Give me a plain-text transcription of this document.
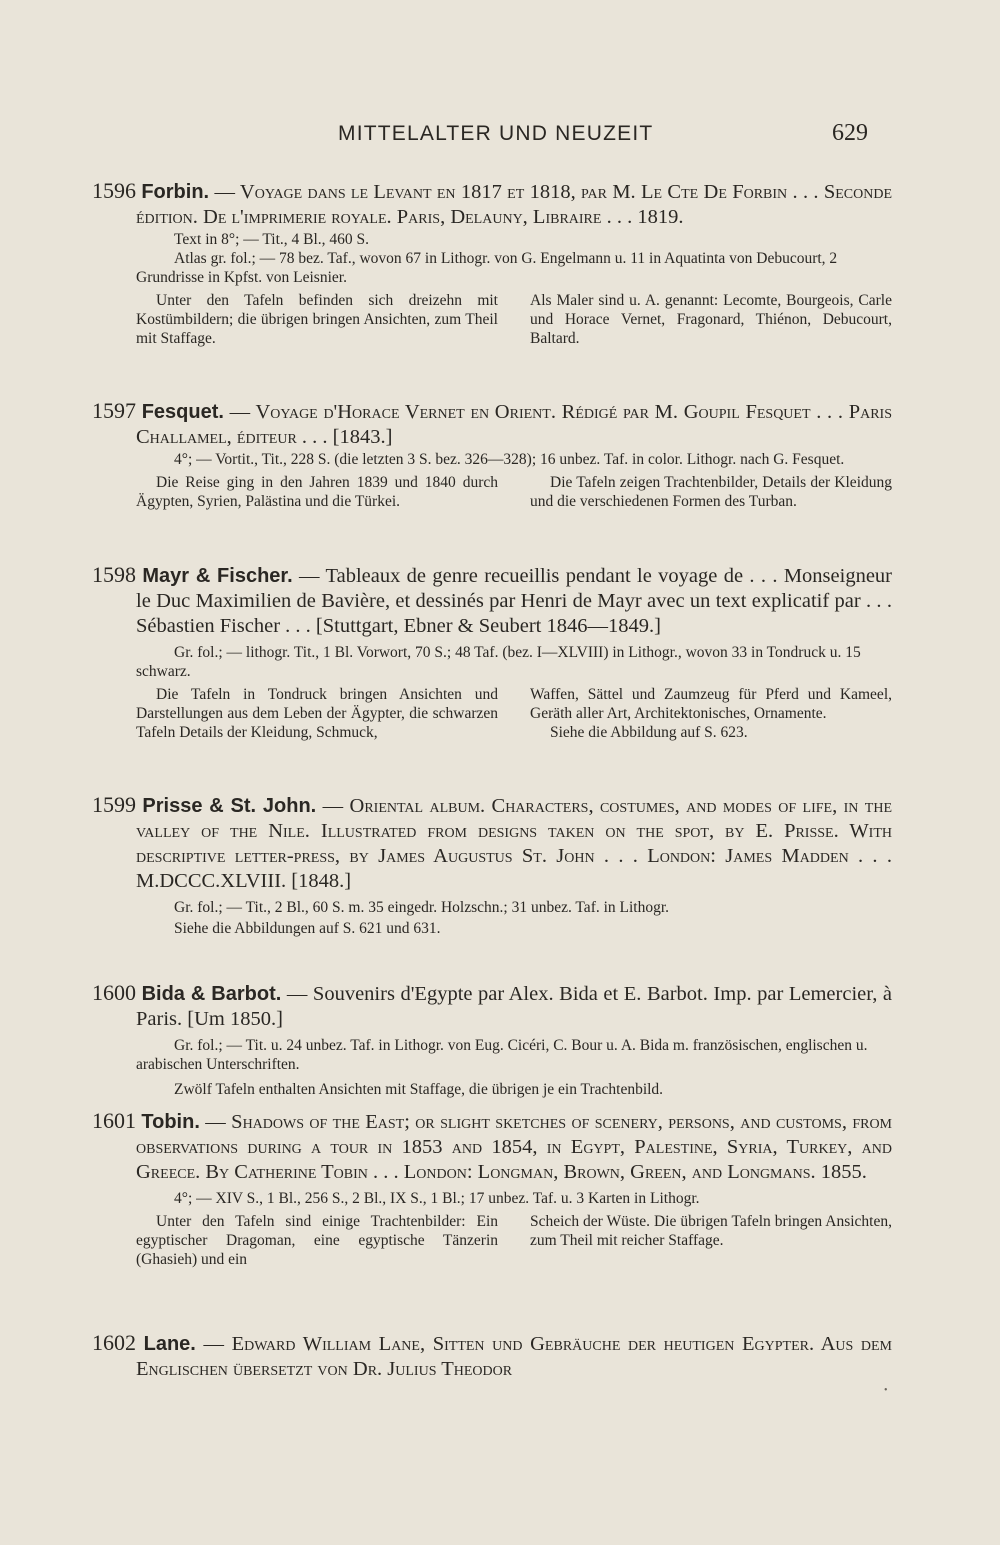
MITTELALTER UND NEUZEIT	629
1596 Forbin. — Voyage dans le Levant en 1817 et 1818, par M. Le Cte De Forbin . . . Seconde édition. De l'imprimerie royale. Paris, Delauny, Libraire . . . 1819.
Text in 8°; — Tit., 4 Bl., 460 S.
Atlas gr. fol.; — 78 bez. Taf., wovon 67 in Lithogr. von G. Engelmann u. 11 in Aquatinta von Debucourt, 2 Grundrisse in Kpfst. von Leisnier.
Unter den Tafeln befinden sich dreizehn mit Kostümbildern; die übrigen bringen Ansichten, zum Theil mit Staffage.
Als Maler sind u. A. genannt: Lecomte, Bourgeois, Carle und Horace Vernet, Fragonard, Thiénon, Debucourt, Baltard.
1597 Fesquet. — Voyage d'Horace Vernet en Orient. Rédigé par M. Goupil Fesquet . . . Paris Challamel, éditeur . . . [1843.]
4°; — Vortit., Tit., 228 S. (die letzten 3 S. bez. 326—328); 16 unbez. Taf. in color. Lithogr. nach G. Fesquet.
Die Reise ging in den Jahren 1839 und 1840 durch Ägypten, Syrien, Palästina und die Türkei.
Die Tafeln zeigen Trachtenbilder, Details der Kleidung und die verschiedenen Formen des Turban.
1598 Mayr & Fischer. — Tableaux de genre recueillis pendant le voyage de . . . Monseigneur le Duc Maximilien de Bavière, et dessinés par Henri de Mayr avec un text explicatif par . . . Sébastien Fischer . . . [Stuttgart, Ebner & Seubert 1846—1849.]
Gr. fol.; — lithogr. Tit., 1 Bl. Vorwort, 70 S.; 48 Taf. (bez. I—XLVIII) in Lithogr., wovon 33 in Tondruck u. 15 schwarz.
Die Tafeln in Tondruck bringen Ansichten und Darstellungen aus dem Leben der Ägypter, die schwarzen Tafeln Details der Kleidung, Schmuck,
Waffen, Sättel und Zaumzeug für Pferd und Kameel, Geräth aller Art, Architektonisches, Ornamente.
Siehe die Abbildung auf S. 623.
1599 Prisse & St. John. — Oriental album. Characters, costumes, and modes of life, in the valley of the Nile. Illustrated from designs taken on the spot, by E. Prisse. With descriptive letter-press, by James Augustus St. John . . . London: James Madden . . . M.DCCC.XLVIII. [1848.]
Gr. fol.; — Tit., 2 Bl., 60 S. m. 35 eingedr. Holzschn.; 31 unbez. Taf. in Lithogr.
Siehe die Abbildungen auf S. 621 und 631.
1600 Bida & Barbot. — Souvenirs d'Egypte par Alex. Bida et E. Barbot. Imp. par Lemercier, à Paris. [Um 1850.]
Gr. fol.; — Tit. u. 24 unbez. Taf. in Lithogr. von Eug. Cicéri, C. Bour u. A. Bida m. französischen, englischen u. arabischen Unterschriften.
Zwölf Tafeln enthalten Ansichten mit Staffage, die übrigen je ein Trachtenbild.
1601 Tobin. — Shadows of the East; or slight sketches of scenery, persons, and customs, from observations during a tour in 1853 and 1854, in Egypt, Palestine, Syria, Turkey, and Greece. By Catherine Tobin . . . London: Longman, Brown, Green, and Longmans. 1855.
4°; — XIV S., 1 Bl., 256 S., 2 Bl., IX S., 1 Bl.; 17 unbez. Taf. u. 3 Karten in Lithogr.
Unter den Tafeln sind einige Trachtenbilder: Ein egyptischer Dragoman, eine egyptische Tänzerin (Ghasieh) und ein
Scheich der Wüste. Die übrigen Tafeln bringen Ansichten, zum Theil mit reicher Staffage.
1602 Lane. — Edward William Lane, Sitten und Gebräuche der heutigen Egypter. Aus dem Englischen übersetzt von Dr. Julius Theodor
•
